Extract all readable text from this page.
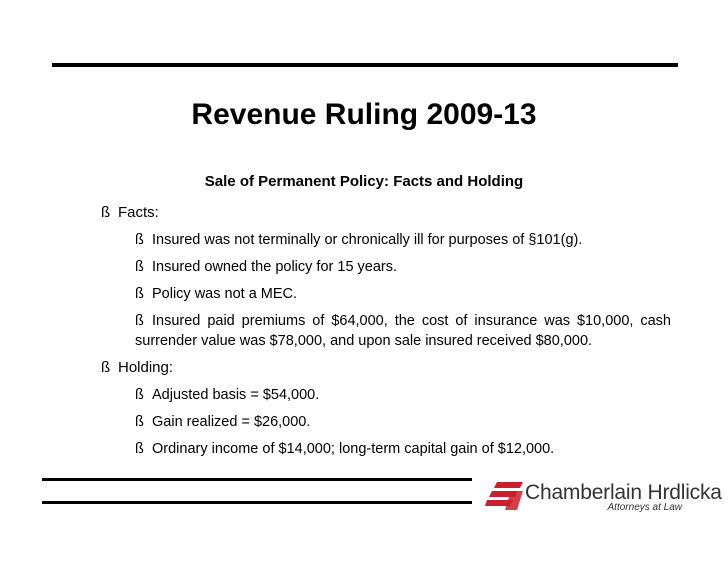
Revenue Ruling 2009-13
Sale of Permanent Policy: Facts and Holding
ß Facts:
ß Insured was not terminally or chronically ill for purposes of §101(g).
ß Insured owned the policy for 15 years.
ß Policy was not a MEC.
ß Insured paid premiums of $64,000, the cost of insurance was $10,000, cash surrender value was $78,000, and upon sale insured received $80,000.
ß Holding:
ß Adjusted basis = $54,000.
ß Gain realized = $26,000.
ß Ordinary income of $14,000; long-term capital gain of $12,000.
Chamberlain Hrdlicka
Attorneys at Law
